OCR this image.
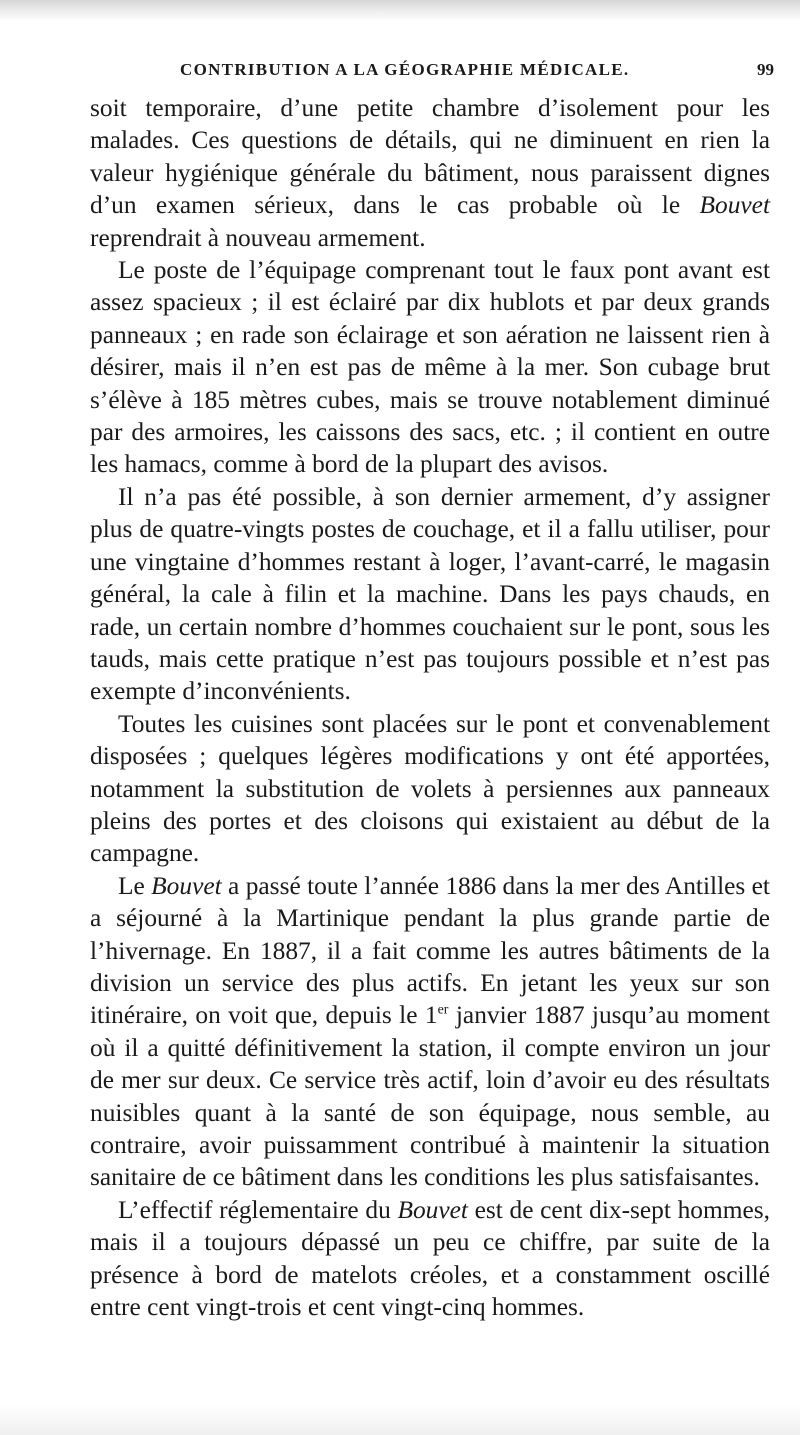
CONTRIBUTION A LA GÉOGRAPHIE MÉDICALE.	99

soit temporaire, d’une petite chambre d’isolement pour les malades. Ces questions de détails, qui ne diminuent en rien la valeur hygiénique générale du bâtiment, nous paraissent dignes d’un examen sérieux, dans le cas probable où le Bouvet reprendrait à nouveau armement.

Le poste de l’équipage comprenant tout le faux pont avant est assez spacieux ; il est éclairé par dix hublots et par deux grands panneaux ; en rade son éclairage et son aération ne laissent rien à désirer, mais il n’en est pas de même à la mer. Son cubage brut s’élève à 185 mètres cubes, mais se trouve notablement diminué par des armoires, les caissons des sacs, etc. ; il contient en outre les hamacs, comme à bord de la plupart des avisos.

Il n’a pas été possible, à son dernier armement, d’y assigner plus de quatre-vingts postes de couchage, et il a fallu utiliser, pour une vingtaine d’hommes restant à loger, l’avant-carré, le magasin général, la cale à filin et la machine. Dans les pays chauds, en rade, un certain nombre d’hommes couchaient sur le pont, sous les tauds, mais cette pratique n’est pas toujours possible et n’est pas exempte d’inconvénients.

Toutes les cuisines sont placées sur le pont et convenablement disposées ; quelques légères modifications y ont été apportées, notamment la substitution de volets à persiennes aux panneaux pleins des portes et des cloisons qui existaient au début de la campagne.

Le Bouvet a passé toute l’année 1886 dans la mer des Antilles et a séjourné à la Martinique pendant la plus grande partie de l’hivernage. En 1887, il a fait comme les autres bâtiments de la division un service des plus actifs. En jetant les yeux sur son itinéraire, on voit que, depuis le 1er janvier 1887 jusqu’au moment où il a quitté définitivement la station, il compte environ un jour de mer sur deux. Ce service très actif, loin d’avoir eu des résultats nuisibles quant à la santé de son équipage, nous semble, au contraire, avoir puissamment contribué à maintenir la situation sanitaire de ce bâtiment dans les conditions les plus satisfaisantes.

L’effectif réglementaire du Bouvet est de cent dix-sept hommes, mais il a toujours dépassé un peu ce chiffre, par suite de la présence à bord de matelots créoles, et a constamment oscillé entre cent vingt-trois et cent vingt-cinq hommes.
